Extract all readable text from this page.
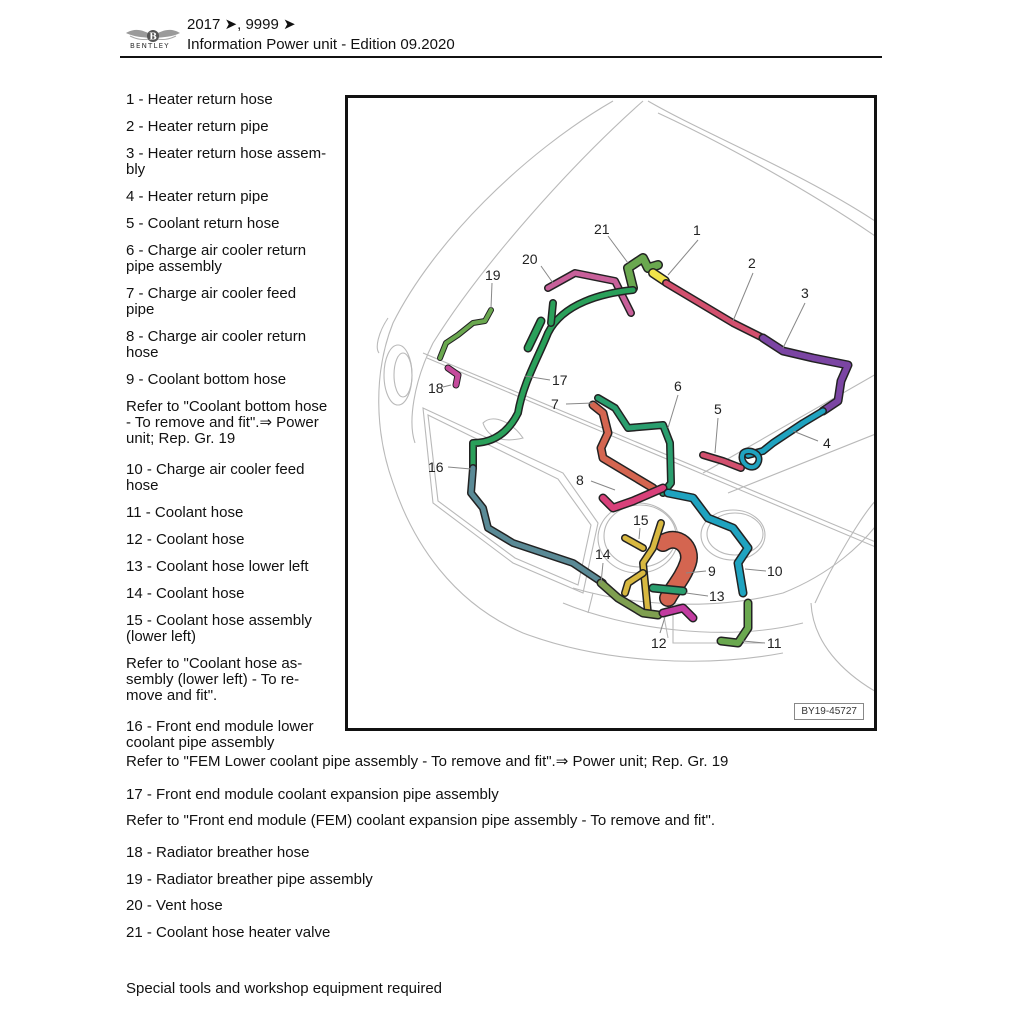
B
BENTLEY
2017 ➤, 9999 ➤
Information Power unit - Edition 09.2020
1 - Heater return hose
2 - Heater return pipe
3 - Heater return hose assem-bly
4 - Heater return pipe
5 - Coolant return hose
6 - Charge air cooler return pipe assembly
7 - Charge air cooler feed pipe
8 - Charge air cooler return hose
9 - Coolant bottom hose
Refer to "Coolant bottom hose - To remove and fit".⇒ Power unit; Rep. Gr. 19
10 - Charge air cooler feed hose
11 - Coolant hose
12 - Coolant hose
13 - Coolant hose lower left
14 - Coolant hose
15 - Coolant hose assembly (lower left)
Refer to "Coolant hose as-sembly (lower left) - To re-move and fit".
16 - Front end module lower coolant pipe assembly
1
2
3
4
5
6
7
8
9	10
11
12
13
14
15
16
17
18
19
20
21
BY19-45727
Refer to "FEM Lower coolant pipe assembly - To remove and fit".⇒ Power unit; Rep. Gr. 19
17 - Front end module coolant expansion pipe assembly
Refer to "Front end module (FEM) coolant expansion pipe assembly - To remove and fit".
18 - Radiator breather hose
19 - Radiator breather pipe assembly
20 - Vent hose
21 - Coolant hose heater valve
Special tools and workshop equipment required
